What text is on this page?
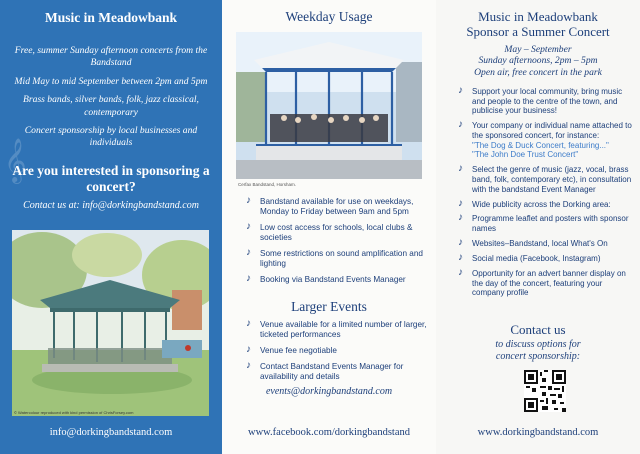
Music in Meadowbank
Free, summer Sunday afternoon concerts from the Bandstand
Mid May to mid September between 2pm and 5pm
Brass bands, silver bands, folk, jazz classical, contemporary
Concert sponsorship by local businesses and individuals
𝄞
Are you interested in sponsoring a concert?
Contact us at: info@dorkingbandstand.com
© Watercolour reproduced with kind permission of ChrisForsey.com
info@dorkingbandstand.com
Weekday Usage
Cerfax Bandstand, Horsham.
♪ Bandstand available for use on weekdays, Monday to Friday between 9am and 5pm
♪ Low cost access for schools, local clubs & societies
♪ Some restrictions on sound amplification and lighting
♪ Booking via Bandstand Events Manager
Larger Events
♪ Venue available for a limited number of larger, ticketed performances
♪ Venue fee negotiable
♪ Contact Bandstand Events Manager for availability and details
events@dorkingbandstand.com
www.facebook.com/dorkingbandstand
Music in Meadowbank
Sponsor a Summer Concert
May – September
Sunday afternoons, 2pm – 5pm
Open air, free concert in the park
♪ Support your local community, bring music and people to the centre of the town, and publicise your business!
♪ Your company or individual name attached to the sponsored concert, for instance:
"The Dog & Duck Concert, featuring..."
"The John Doe Trust Concert"
♪ Select the genre of music (jazz, vocal, brass band, folk, contemporary etc), in consultation with the bandstand Event Manager
♪ Wide publicity across the Dorking area:
♪ Programme leaflet and posters with sponsor names
♪ Websites–Bandstand, local What's On
♪ Social media (Facebook, Instagram)
♪ Opportunity for an advert banner display on the day of the concert, featuring your company profile
Contact us
to discuss options for
concert sponsorship:
www.dorkingbandstand.com
